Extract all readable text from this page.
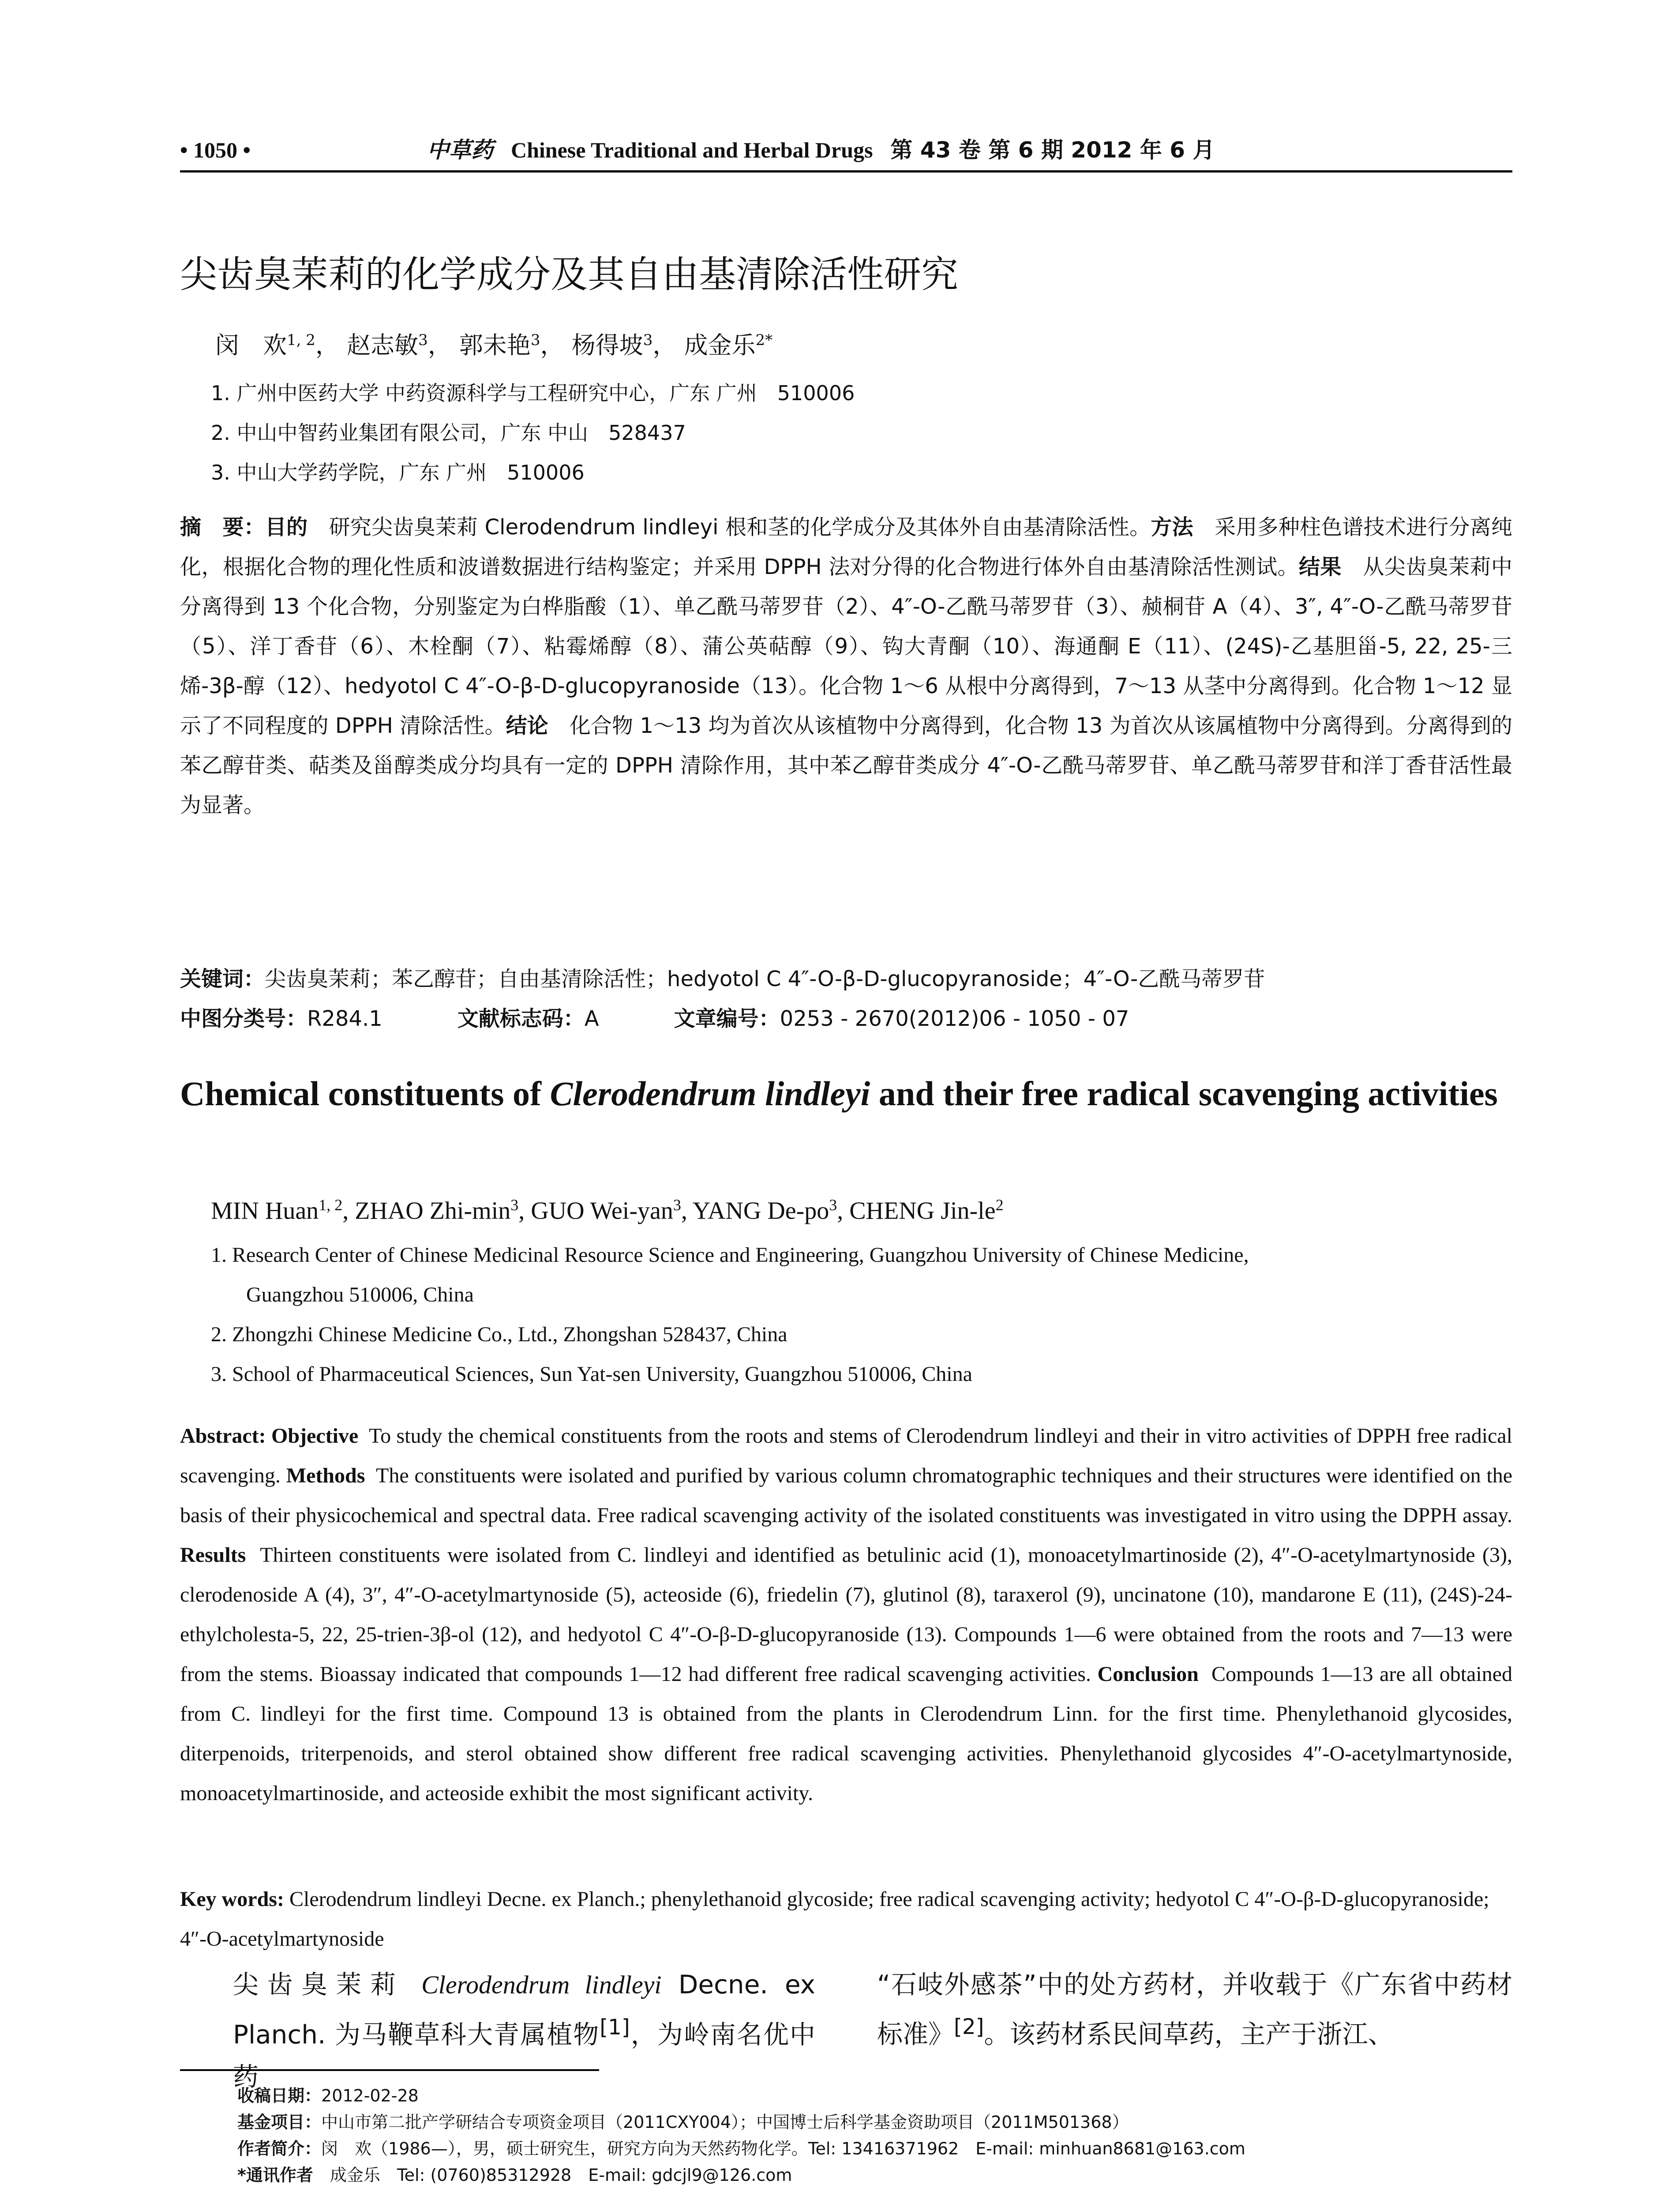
• 1050 •	中草药 Chinese Traditional and Herbal Drugs 第 43 卷 第 6 期 2012 年 6 月
尖齿臭茉莉的化学成分及其自由基清除活性研究
闵　欢$^{1, 2}$， 赵志敏$^3$， 郭未艳$^3$， 杨得坡$^3$， 成金乐$^{2*}$
1. 广州中医药大学 中药资源科学与工程研究中心，广东 广州　510006
2. 中山中智药业集团有限公司，广东 中山　528437
3. 中山大学药学院，广东 广州　510006
摘　要：目的　 研究尖齿臭茉莉 Clerodendrum lindleyi 根和茎的化学成分及其体外自由基清除活性。方法　 采用多种柱色谱技术进行分离纯化，根据化合物的理化性质和波谱数据进行结构鉴定；并采用 DPPH 法对分得的化合物进行体外自由基清除活性测试。结果　 从尖齿臭茉莉中分离得到 13 个化合物，分别鉴定为白桦脂酸（1）、单乙酰马蒂罗苷（2）、4″-O-乙酰马蒂罗苷（3）、赪桐苷 A（4）、3″, 4″-O-乙酰马蒂罗苷（5）、洋丁香苷（6）、木栓酮（7）、粘霉烯醇（8）、蒲公英萜醇（9）、钩大青酮（10）、海通酮 E（11）、(24S)-乙基胆甾-5, 22, 25-三烯-3β-醇（12）、hedyotol C 4″-O-β-D-glucopyranoside（13）。化合物 1～6 从根中分离得到，7～13 从茎中分离得到。化合物 1～12 显示了不同程度的 DPPH 清除活性。结论　 化合物 1～13 均为首次从该植物中分离得到，化合物 13 为首次从该属植物中分离得到。分离得到的苯乙醇苷类、萜类及甾醇类成分均具有一定的 DPPH 清除作用，其中苯乙醇苷类成分 4″-O-乙酰马蒂罗苷、单乙酰马蒂罗苷和洋丁香苷活性最为显著。
关键词：尖齿臭茉莉；苯乙醇苷；自由基清除活性；hedyotol C 4″-O-β-D-glucopyranoside；4″-O-乙酰马蒂罗苷
中图分类号：R284.1	文献标志码：A	文章编号：0253 - 2670(2012)06 - 1050 - 07
Chemical constituents of Clerodendrum lindleyi and their free radical scavenging activities
MIN Huan$^{1, 2}$, ZHAO Zhi-$\min^3$, GUO Wei-yan$^3$, YANG $De-po^3$, CHENG Jin-$le^2$
1. Research Center of Chinese Medicinal Resource Science and Engineering, Guangzhou University of Chinese Medicine,
Guangzhou 510006, China
2. Zhongzhi Chinese Medicine Co., Ltd., Zhongshan 528437, China
3. School of Pharmaceutical Sciences, Sun Yat-sen University, Guangzhou 510006, China
Abstract: Objective To study the chemical constituents from the roots and stems of Clerodendrum lindleyi and their in vitro activities of DPPH free radical scavenging. Methods The constituents were isolated and purified by various column chromatographic techniques and their structures were identified on the basis of their physicochemical and spectral data. Free radical scavenging activity of the isolated constituents was investigated in vitro using the DPPH assay. Results Thirteen constituents were isolated from C. lindleyi and identified as betulinic acid (1), monoacetylmartinoside (2), 4″-O-acetylmartynoside (3), clerodenoside A (4), 3″, 4″-O-acetylmartynoside (5), acteoside (6), friedelin (7), glutinol (8), taraxerol (9), uncinatone (10), mandarone E (11), (24S)-24-ethylcholesta-5, 22, 25-trien-3β-ol (12), and hedyotol C 4″-O-β-D-glucopyranoside (13). Compounds 1—6 were obtained from the roots and 7—13 were from the stems. Bioassay indicated that compounds 1—12 had different free radical scavenging activities. Conclusion Compounds 1—13 are all obtained from C. lindleyi for the first time. Compound 13 is obtained from the plants in Clerodendrum Linn. for the first time. Phenylethanoid glycosides, diterpenoids, triterpenoids, and sterol obtained show different free radical scavenging activities. Phenylethanoid glycosides 4″-O-acetylmartynoside, monoacetylmartinoside, and acteoside exhibit the most significant activity.
Key words: Clerodendrum lindleyi Decne. ex Planch.; phenylethanoid glycoside; free radical scavenging activity; hedyotol C 4″-O-β-D-glucopyranoside; 4″-O-acetylmartynoside
尖齿臭茉莉 Clerodendrum lindleyi Decne. ex Planch. 为马鞭草科大青属植物[1]，为岭南名优中药
“石岐外感茶”中的处方药材，并收载于《广东省中药材标准》[2]。该药材系民间草药，主产于浙江、
收稿日期：2012-02-28
基金项目：中山市第二批产学研结合专项资金项目（2011CXY004）；中国博士后科学基金资助项目（2011M501368）
作者简介：闵　欢（1986—），男，硕士研究生，研究方向为天然药物化学。Tel: 13416371962　E-mail: minhuan8681@163.com
*通讯作者　成金乐　Tel: (0760)85312928　E-mail: gdcjl9@126.com
